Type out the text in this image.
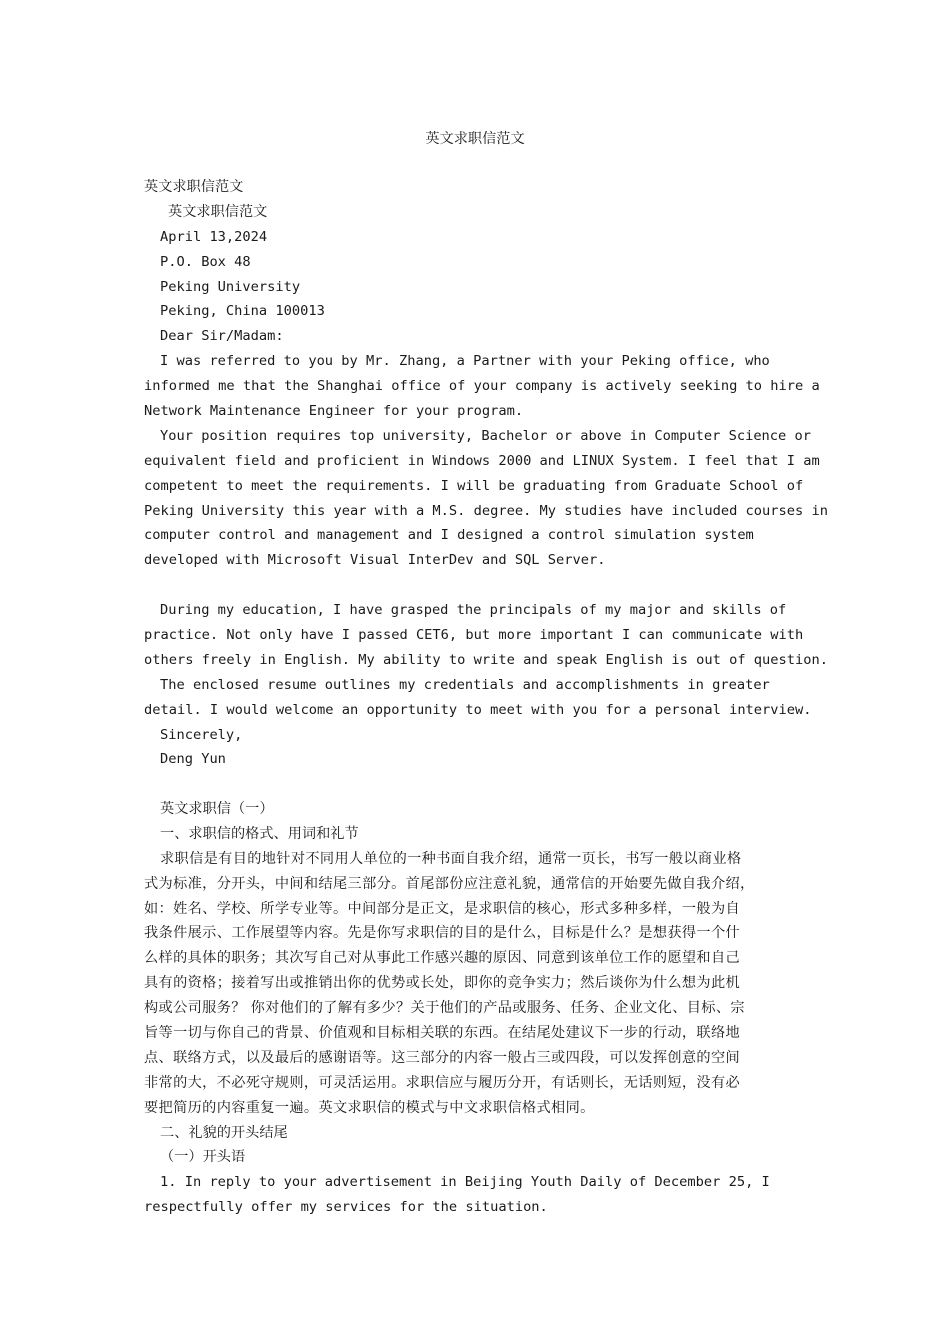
英文求职信范文
英文求职信范文
英文求职信范文
April 13,2024
P.O. Box 48
Peking University
Peking, China 100013
Dear Sir/Madam:
I was referred to you by Mr. Zhang, a Partner with your Peking office, who
informed me that the Shanghai office of your company is actively seeking to hire a
Network Maintenance Engineer for your program.
Your position requires top university, Bachelor or above in Computer Science or
equivalent field and proficient in Windows 2000 and LINUX System. I feel that I am
competent to meet the requirements. I will be graduating from Graduate School of
Peking University this year with a M.S. degree. My studies have included courses in
computer control and management and I designed a control simulation system
developed with Microsoft Visual InterDev and SQL Server.
During my education, I have grasped the principals of my major and skills of
practice. Not only have I passed CET6, but more important I can communicate with
others freely in English. My ability to write and speak English is out of question.
The enclosed resume outlines my credentials and accomplishments in greater
detail. I would welcome an opportunity to meet with you for a personal interview.
Sincerely,
Deng Yun
英文求职信（一）
一、求职信的格式、用词和礼节
求职信是有目的地针对不同用人单位的一种书面自我介绍，通常一页长，书写一般以商业格
式为标准，分开头，中间和结尾三部分。首尾部份应注意礼貌，通常信的开始要先做自我介绍，
如：姓名、学校、所学专业等。中间部分是正文，是求职信的核心，形式多种多样，一般为自
我条件展示、工作展望等内容。先是你写求职信的目的是什么，目标是什么？是想获得一个什
么样的具体的职务；其次写自己对从事此工作感兴趣的原因、同意到该单位工作的愿望和自己
具有的资格；接着写出或推销出你的优势或长处，即你的竞争实力；然后谈你为什么想为此机
构或公司服务？ 你对他们的了解有多少？关于他们的产品或服务、任务、企业文化、目标、宗
旨等一切与你自己的背景、价值观和目标相关联的东西。在结尾处建议下一步的行动，联络地
点、联络方式，以及最后的感谢语等。这三部分的内容一般占三或四段，可以发挥创意的空间
非常的大，不必死守规则，可灵活运用。求职信应与履历分开，有话则长，无话则短，没有必
要把简历的内容重复一遍。英文求职信的模式与中文求职信格式相同。
二、礼貌的开头结尾
（一）开头语
1. In reply to your advertisement in Beijing Youth Daily of December 25, I
respectfully offer my services for the situation.
